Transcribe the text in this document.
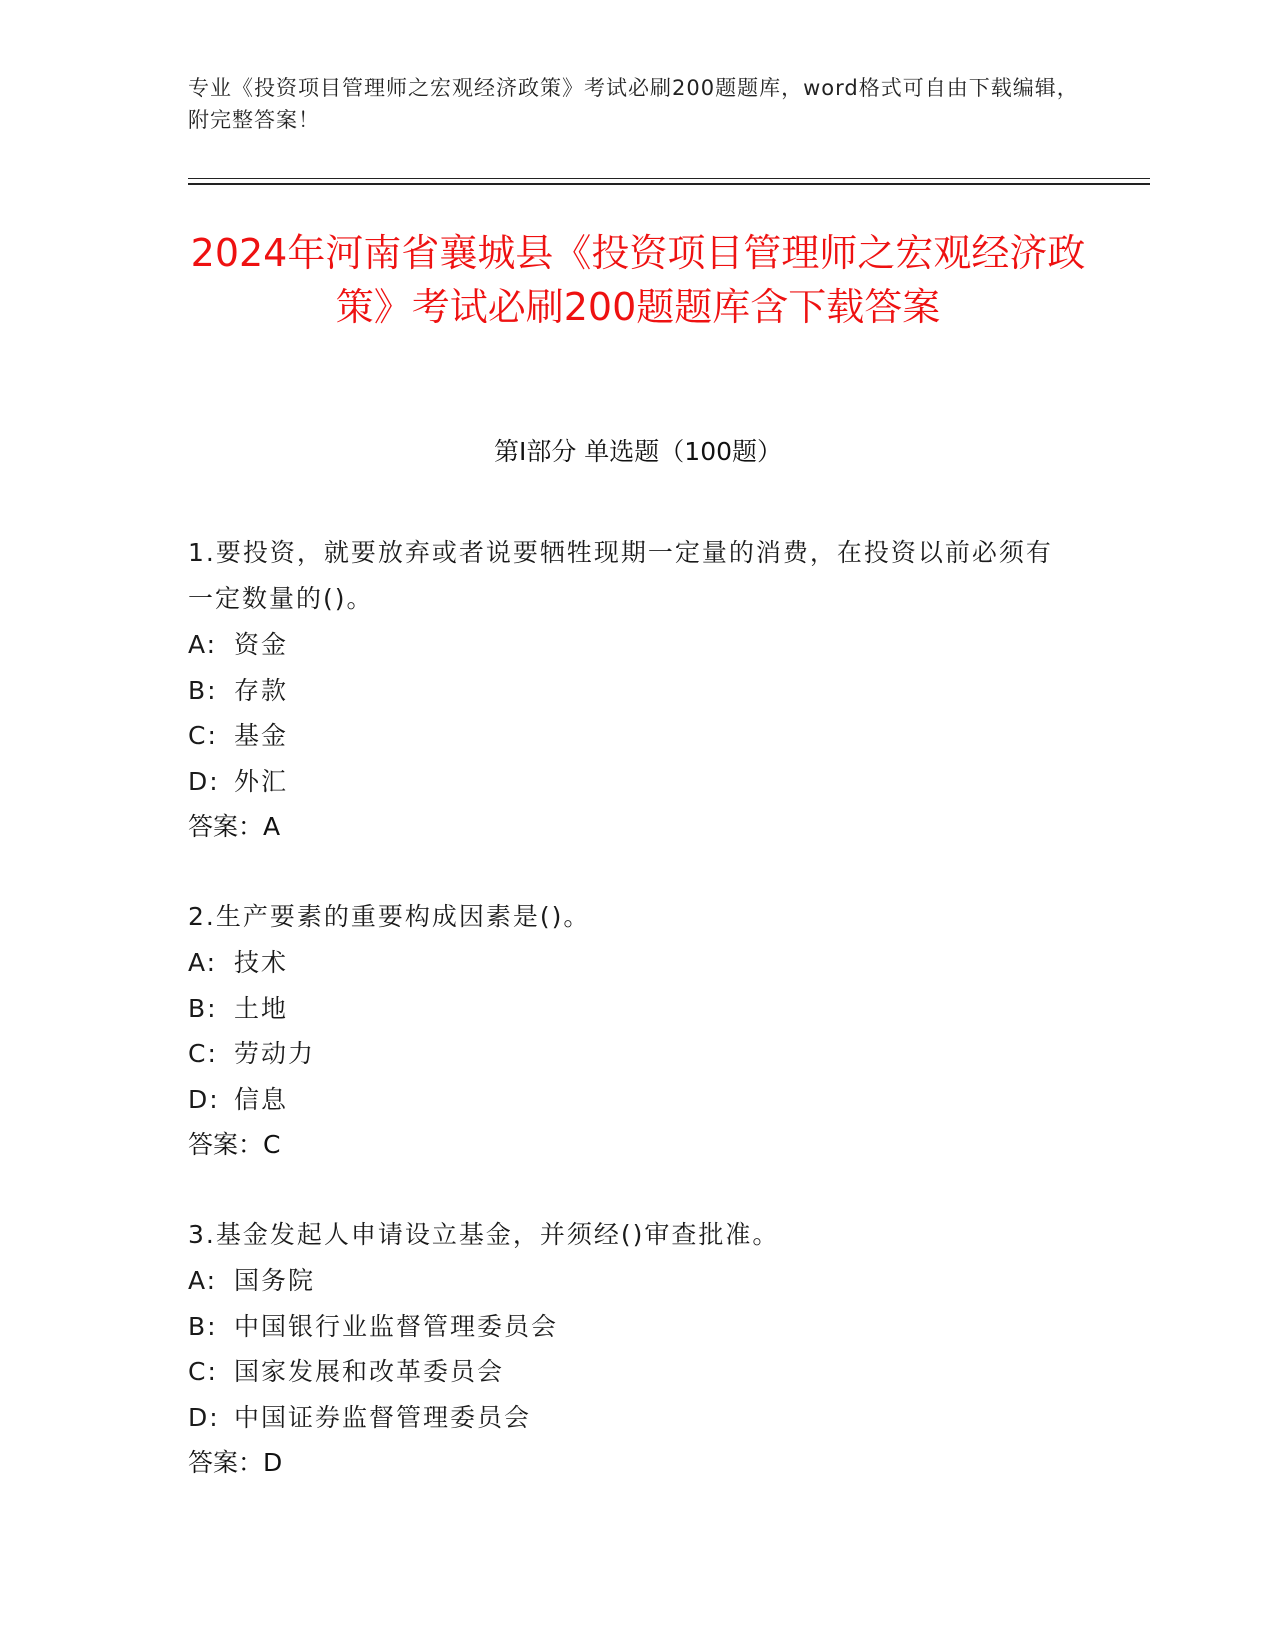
专业《投资项目管理师之宏观经济政策》考试必刷200题题库，word格式可自由下载编辑，附完整答案！
2024年河南省襄城县《投资项目管理师之宏观经济政策》考试必刷200题题库含下载答案
第I部分 单选题（100题）
1.要投资，就要放弃或者说要牺牲现期一定量的消费，在投资以前必须有一定数量的()。
A: 资金
B: 存款
C: 基金
D: 外汇
答案：A
2.生产要素的重要构成因素是()。
A: 技术
B: 土地
C: 劳动力
D: 信息
答案：C
3.基金发起人申请设立基金，并须经()审查批准。
A: 国务院
B: 中国银行业监督管理委员会
C: 国家发展和改革委员会
D: 中国证券监督管理委员会
答案：D
